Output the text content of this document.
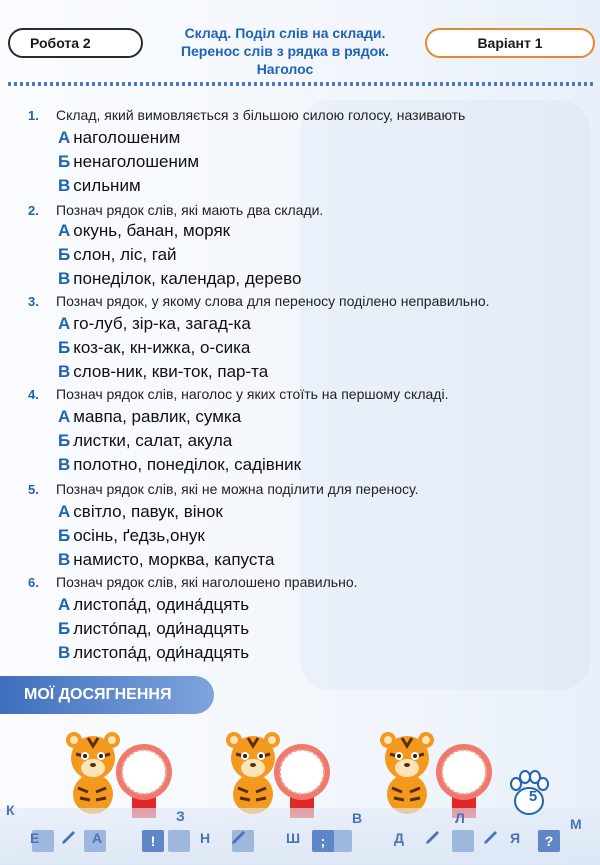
Робота 2
Склад. Поділ слів на склади.
Перенос слів з рядка в рядок.
Наголос
Варіант 1
1. Склад, який вимовляється з більшою силою голосу, називають
А наголошеним
Б ненаголошеним
В сильним
2. Познач рядок слів, які мають два склади.
А окунь, банан, моряк
Б слон, ліс, гай
В понеділок, календар, дерево
3. Познач рядок, у якому слова для переносу поділено неправильно.
А го-луб, зір-ка, загад-ка
Б коз-ак, кн-ижка, о-сика
В слов-ник, кви-ток, пар-та
4. Познач рядок слів, наголос у яких стоїть на першому складі.
А мавпа, равлик, сумка
Б листки, салат, акула
В полотно, понеділок, садівник
5. Познач рядок слів, які не можна поділити для переносу.
А світло, павук, вінок
Б осінь, ґедзь,онук
В намисто, морква, капуста
6. Познач рядок слів, які наголошено правильно.
А листопа́д, одина́дцять
Б листо́пад, оди́надцять
В листопа́д, оди́надцять
МОЇ ДОСЯГНЕННЯ
К
Е	А
З
Н	Ш
В
Д
Л
Я
М
!	;	?
5
